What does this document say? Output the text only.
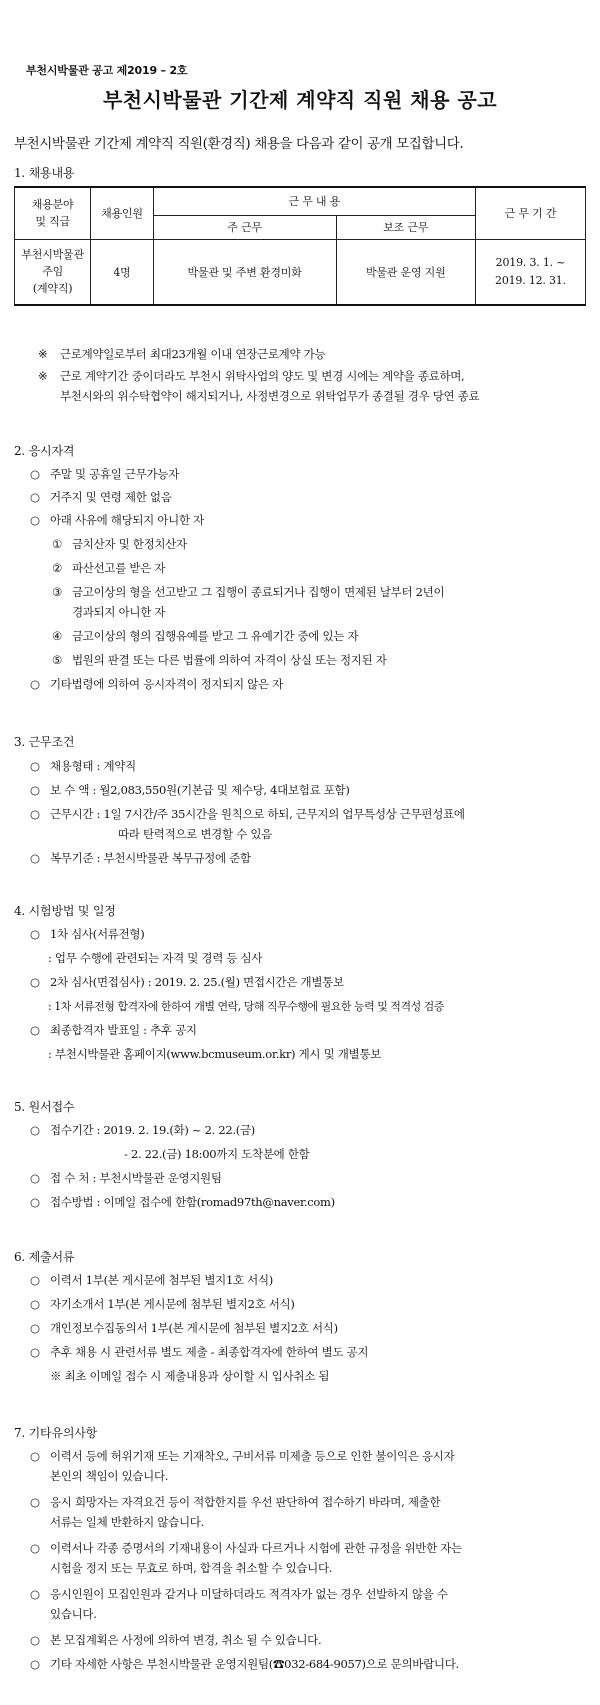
부천시박물관 공고 제2019 – 2호
부천시박물관 기간제 계약직 직원 채용 공고
부천시박물관 기간제 계약직 직원(환경직) 채용을 다음과 같이 공개 모집합니다.
1. 채용내용
채용분야
및 직급	채용인원	근 무 내 용		근 무 기 간
		주 근무	보조 근무	
부천시박물관
주임
(계약직)	4명	박물관 및 주변 환경미화	박물관 운영 지원	2019. 3. 1. ~
2019. 12. 31.
※ 근로계약일로부터 최대23개월 이내 연장근로계약 가능
※ 근로 계약기간 중이더라도 부천시 위탁사업의 양도 및 변경 시에는 계약을 종료하며,
부천시와의 위수탁협약이 해지되거나, 사정변경으로 위탁업무가 종결될 경우 당연 종료
2. 응시자격
○ 주말 및 공휴일 근무가능자
○ 거주지 및 연령 제한 없음
○ 아래 사유에 해당되지 아니한 자
① 금치산자 및 한정치산자
② 파산선고를 받은 자
③ 금고이상의 형을 선고받고 그 집행이 종료되거나 집행이 면제된 날부터 2년이
경과되지 아니한 자
④ 금고이상의 형의 집행유예를 받고 그 유예기간 중에 있는 자
⑤ 법원의 판결 또는 다른 법률에 의하여 자격이 상실 또는 정지된 자
○ 기타법령에 의하여 응시자격이 정지되지 않은 자
3. 근무조건
○ 채용형태 : 계약직
○ 보 수 액 : 월2,083,550원(기본급 및 제수당, 4대보험료 포함)
○ 근무시간 : 1일 7시간/주 35시간을 원칙으로 하되, 근무지의 업무특성상 근무편성표에
따라 탄력적으로 변경할 수 있음
○ 복무기준 : 부천시박물관 복무규정에 준함
4. 시험방법 및 일정
○ 1차 심사(서류전형)
: 업무 수행에 관련되는 자격 및 경력 등 심사
○ 2차 심사(면접심사) : 2019. 2. 25.(월) 면접시간은 개별통보
: 1차 서류전형 합격자에 한하여 개별 연락, 당해 직무수행에 필요한 능력 및 적격성 검증
○ 최종합격자 발표일 : 추후 공지
: 부천시박물관 홈페이지(www.bcmuseum.or.kr) 게시 및 개별통보
5. 원서접수
○ 접수기간 : 2019. 2. 19.(화) ~ 2. 22.(금)
- 2. 22.(금) 18:00까지 도착분에 한함
○ 접 수 처 : 부천시박물관 운영지원팀
○ 접수방법 : 이메일 접수에 한함(romad97th@naver.com)
6. 제출서류
○ 이력서 1부(본 게시문에 첨부된 별지1호 서식)
○ 자기소개서 1부(본 게시문에 첨부된 별지2호 서식)
○ 개인정보수집동의서 1부(본 게시문에 첨부된 별지2호 서식)
○ 추후 채용 시 관련서류 별도 제출 - 최종합격자에 한하여 별도 공지
※ 최초 이메일 접수 시 제출내용과 상이할 시 입사취소 됨
7. 기타유의사항
○ 이력서 등에 허위기재 또는 기재착오, 구비서류 미제출 등으로 인한 불이익은 응시자
본인의 책임이 있습니다.
○ 응시 희망자는 자격요건 등이 적합한지를 우선 판단하여 접수하기 바라며, 제출한
서류는 일체 반환하지 않습니다.
○ 이력서나 각종 증명서의 기재내용이 사실과 다르거나 시험에 관한 규정을 위반한 자는
시험을 정지 또는 무효로 하며, 합격을 취소할 수 있습니다.
○ 응시인원이 모집인원과 같거나 미달하더라도 적격자가 없는 경우 선발하지 않을 수
있습니다.
○ 본 모집계획은 사정에 의하여 변경, 취소 될 수 있습니다.
○ 기타 자세한 사항은 부천시박물관 운영지원팀(☎032-684-9057)으로 문의바랍니다.
